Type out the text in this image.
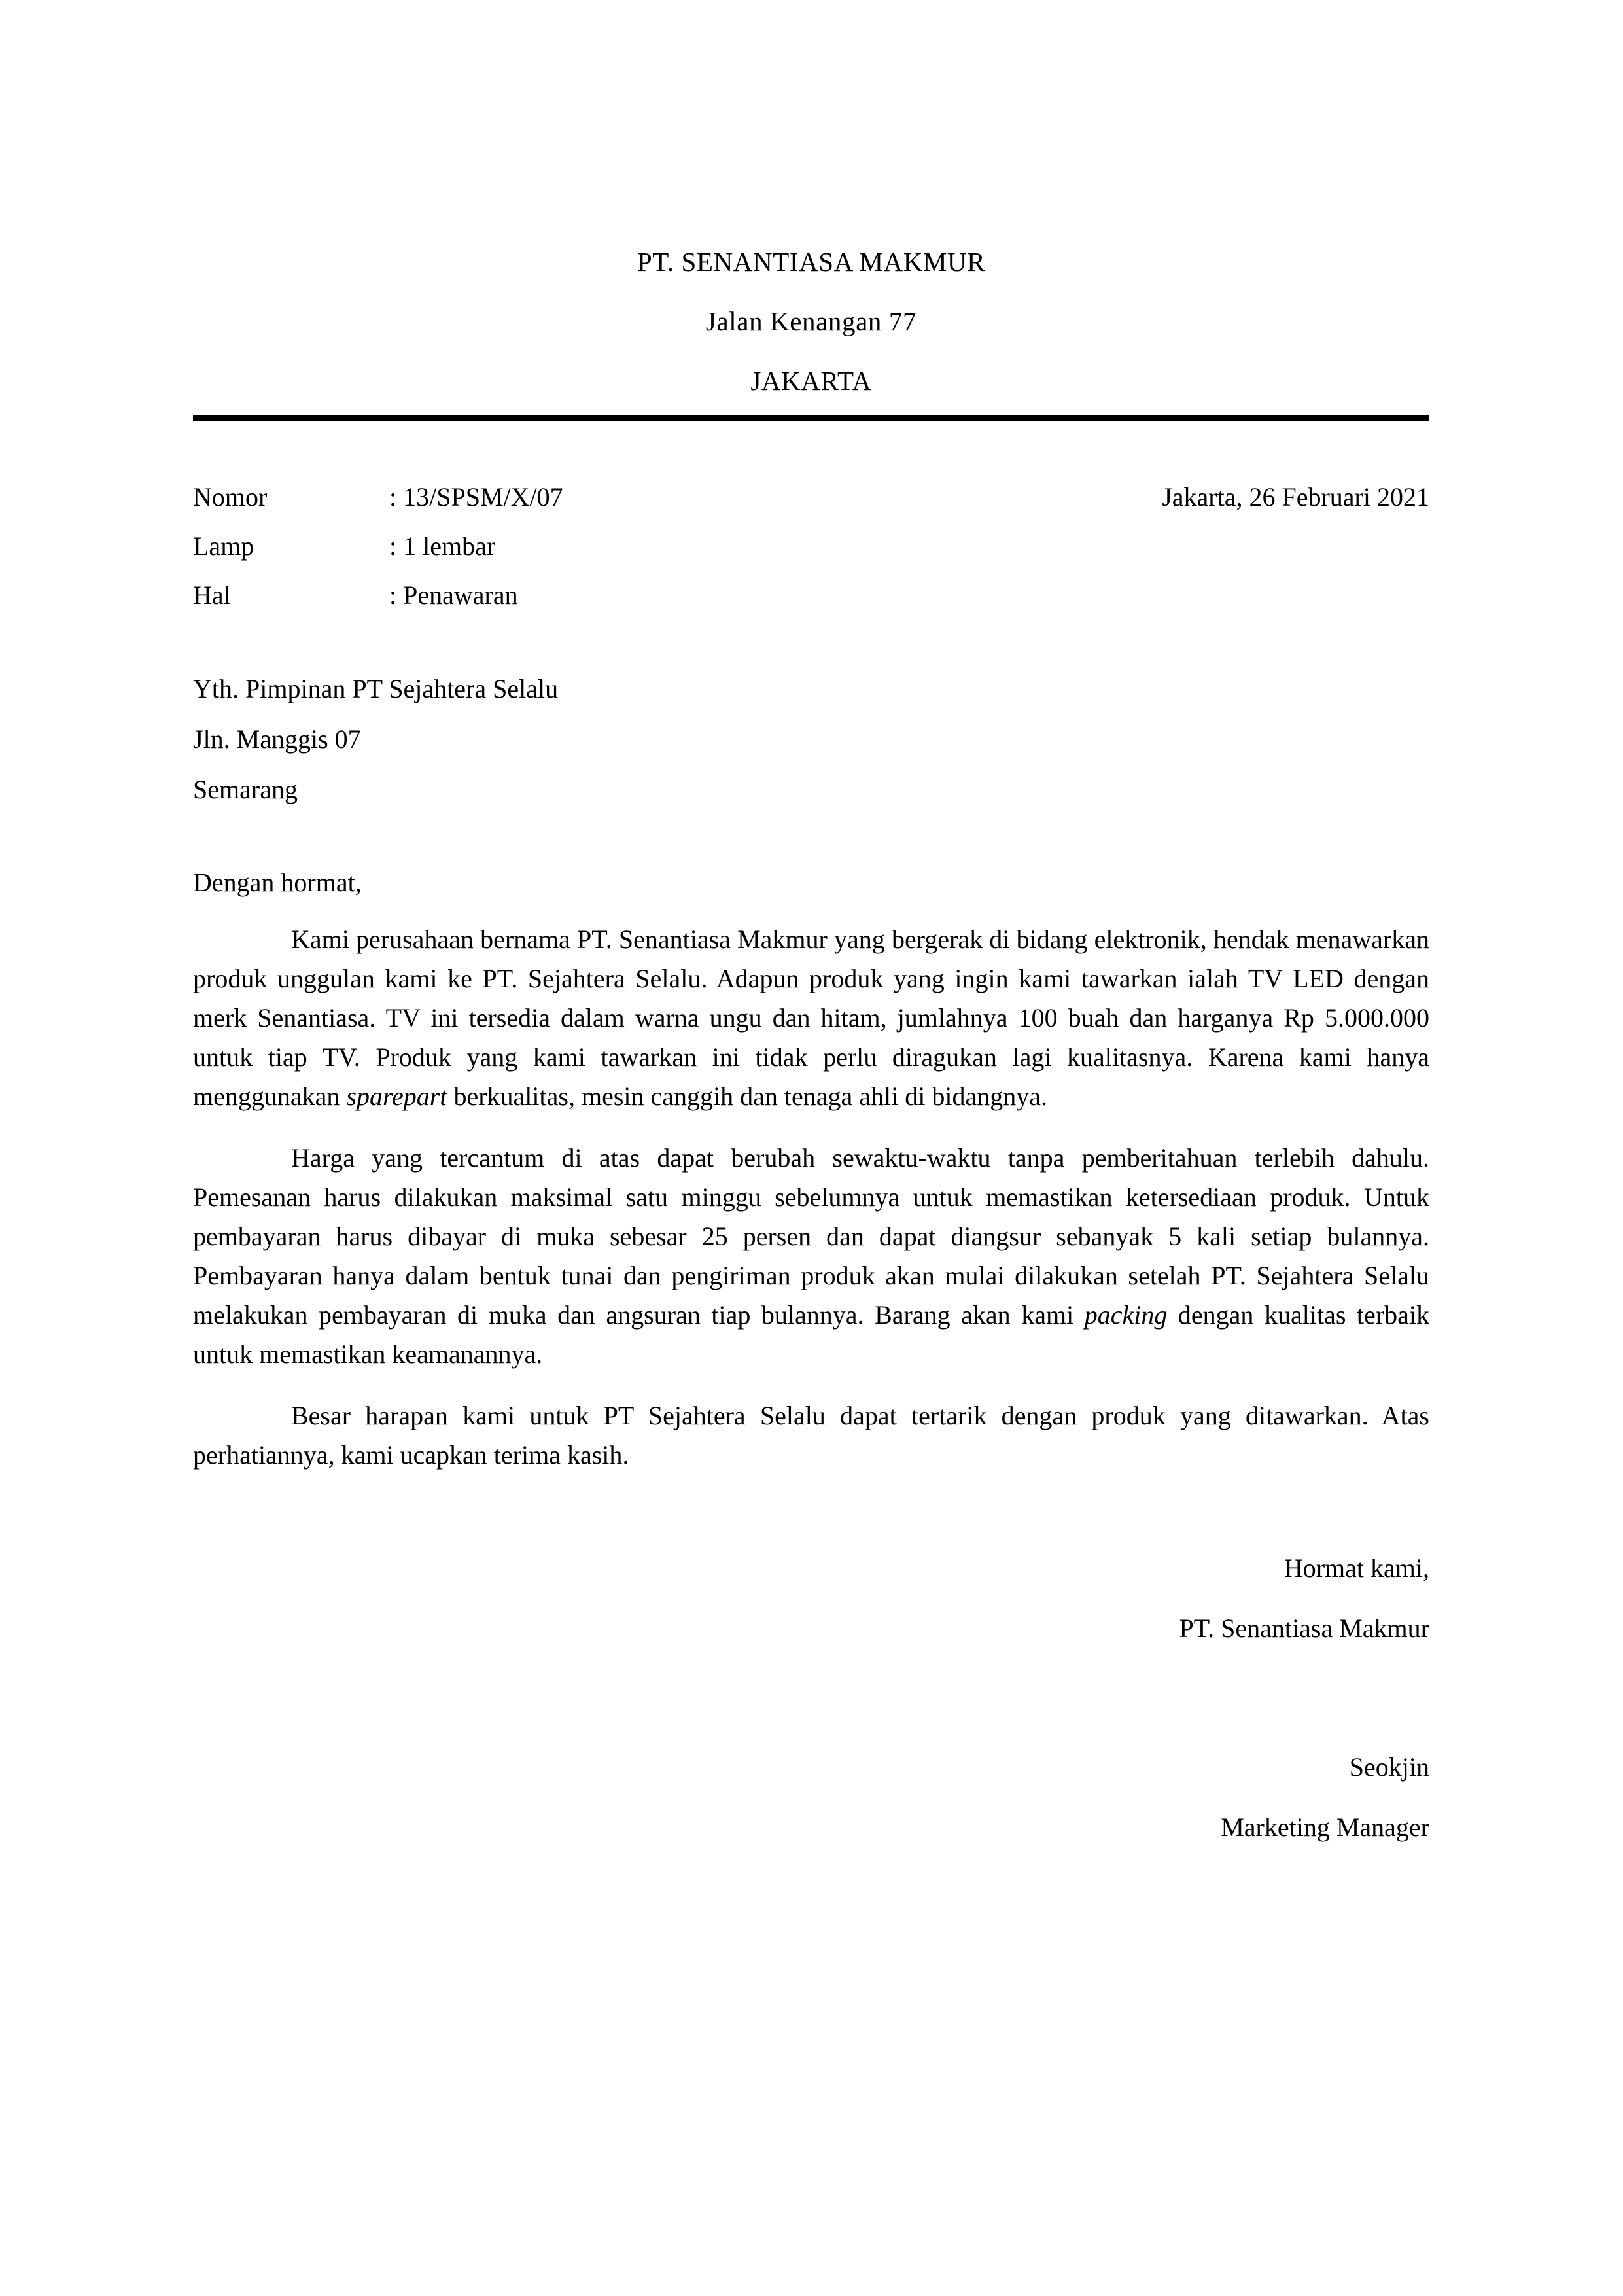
PT. SENANTIASA MAKMUR
Jalan Kenangan 77
JAKARTA
Nomor	: 13/SPSM/X/07
Lamp	: 1 lembar
Hal	: Penawaran
Jakarta, 26 Februari 2021
Yth. Pimpinan PT Sejahtera Selalu
Jln. Manggis 07
Semarang
Dengan hormat,
Kami perusahaan bernama PT. Senantiasa Makmur yang bergerak di bidang elektronik, hendak menawarkan produk unggulan kami ke PT. Sejahtera Selalu. Adapun produk yang ingin kami tawarkan ialah TV LED dengan merk Senantiasa. TV ini tersedia dalam warna ungu dan hitam, jumlahnya 100 buah dan harganya Rp 5.000.000 untuk tiap TV. Produk yang kami tawarkan ini tidak perlu diragukan lagi kualitasnya. Karena kami hanya menggunakan sparepart berkualitas, mesin canggih dan tenaga ahli di bidangnya.
Harga yang tercantum di atas dapat berubah sewaktu-waktu tanpa pemberitahuan terlebih dahulu. Pemesanan harus dilakukan maksimal satu minggu sebelumnya untuk memastikan ketersediaan produk. Untuk pembayaran harus dibayar di muka sebesar 25 persen dan dapat diangsur sebanyak 5 kali setiap bulannya. Pembayaran hanya dalam bentuk tunai dan pengiriman produk akan mulai dilakukan setelah PT. Sejahtera Selalu melakukan pembayaran di muka dan angsuran tiap bulannya. Barang akan kami packing dengan kualitas terbaik untuk memastikan keamanannya.
Besar harapan kami untuk PT Sejahtera Selalu dapat tertarik dengan produk yang ditawarkan. Atas perhatiannya, kami ucapkan terima kasih.
Hormat kami,
PT. Senantiasa Makmur
Seokjin
Marketing Manager
